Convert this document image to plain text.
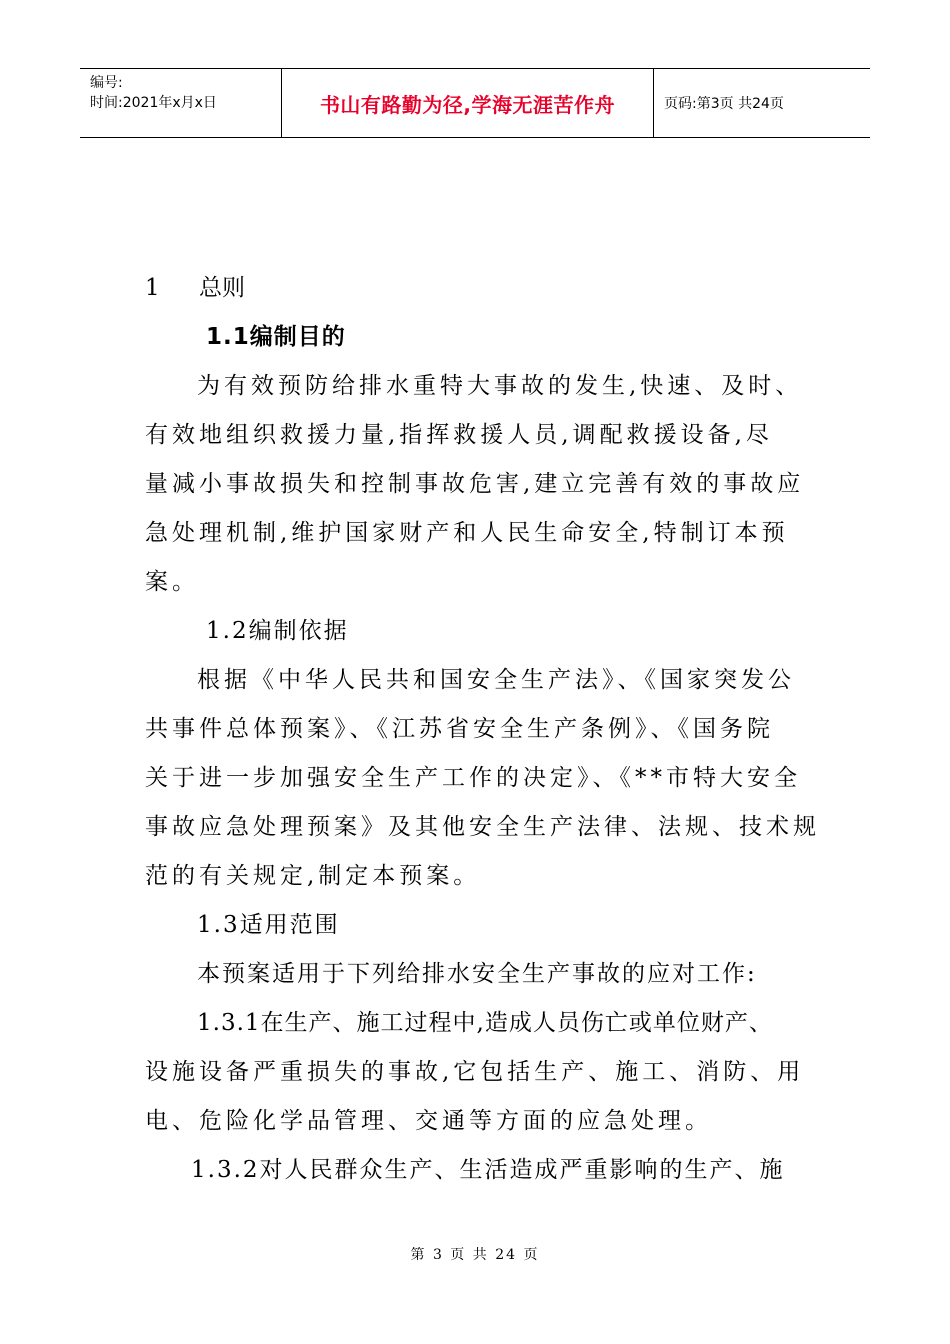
编号:
时间:2021年x月x日	书山有路勤为径,学海无涯苦作舟	页码:第3页 共24页
1 总则
1.1编制目的
为有效预防给排水重特大事故的发生,快速、及时、
有效地组织救援力量,指挥救援人员,调配救援设备,尽
量减小事故损失和控制事故危害,建立完善有效的事故应
急处理机制,维护国家财产和人民生命安全,特制订本预
案。
1.2编制依据
根据《中华人民共和国安全生产法》、《国家突发公
共事件总体预案》、《江苏省安全生产条例》、《国务院
关于进一步加强安全生产工作的决定》、《**市特大安全
事故应急处理预案》及其他安全生产法律、法规、技术规
范的有关规定,制定本预案。
1.3适用范围
本预案适用于下列给排水安全生产事故的应对工作:
1.3.1在生产、施工过程中,造成人员伤亡或单位财产、
设施设备严重损失的事故,它包括生产、施工、消防、用
电、危险化学品管理、交通等方面的应急处理。
1.3.2对人民群众生产、生活造成严重影响的生产、施
第 3 页 共 24 页
